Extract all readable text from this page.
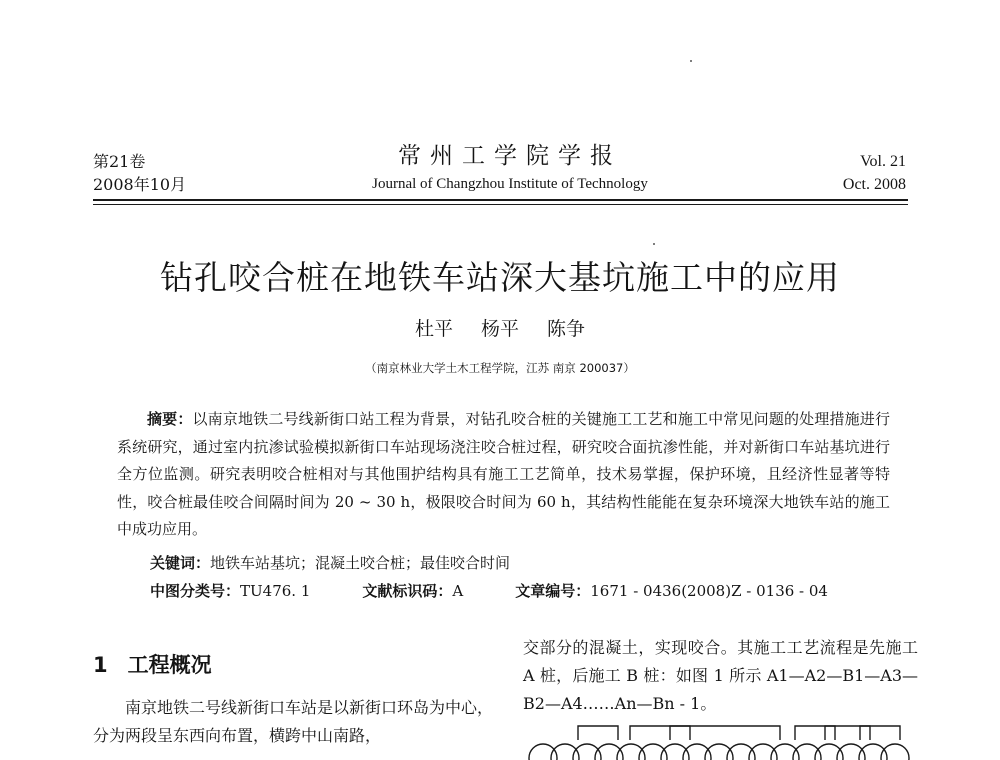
第21卷
2008年10月
常州工学院学报
Journal of Changzhou Institute of Technology
Vol. 21
Oct. 2008
钻孔咬合桩在地铁车站深大基坑施工中的应用
杜平 杨平 陈争
（南京林业大学土木工程学院，江苏 南京 200037）

摘要：以南京地铁二号线新街口站工程为背景，对钻孔咬合桩的关键施工工艺和施工中常见问题的处理措施进行系统研究，通过室内抗渗试验模拟新街口车站现场浇注咬合桩过程，研究咬合面抗渗性能，并对新街口车站基坑进行全方位监测。研究表明咬合桩相对与其他围护结构具有施工工艺简单，技术易掌握，保护环境，且经济性显著等特性，咬合桩最佳咬合间隔时间为 20 ~ 30 h，极限咬合时间为 60 h，其结构性能能在复杂环境深大地铁车站的施工中成功应用。

关键词：地铁车站基坑；混凝土咬合桩；最佳咬合时间
中图分类号：TU476. 1	文献标识码：A	文章编号：1671 - 0436(2008)Z - 0136 - 04
1 工程概况

南京地铁二号线新街口车站是以新街口环岛为中心，分为两段呈东西向布置，横跨中山南路，

交部分的混凝土，实现咬合。其施工工艺流程是先施工 A 桩，后施工 B 桩：如图 1 所示 A1—A2—B1—A3—B2—A4……An—Bn - 1。
